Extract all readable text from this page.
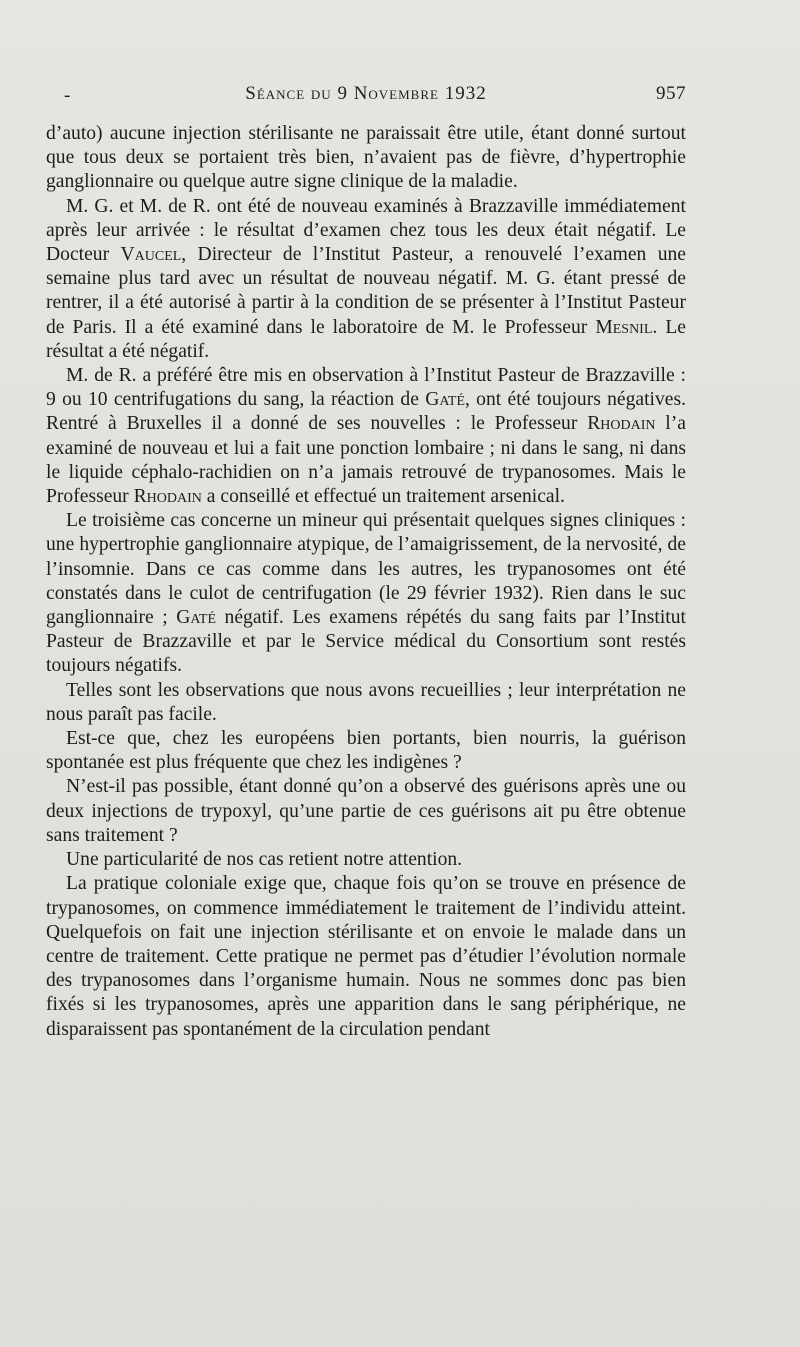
-	Séance du 9 Novembre 1932	957

d’auto) aucune injection stérilisante ne paraissait être utile, étant donné surtout que tous deux se portaient très bien, n’avaient pas de fièvre, d’hypertrophie ganglionnaire ou quelque autre signe clinique de la maladie.

M. G. et M. de R. ont été de nouveau examinés à Brazzaville immédiatement après leur arrivée : le résultat d’examen chez tous les deux était négatif. Le Docteur Vaucel, Directeur de l’Institut Pasteur, a renouvelé l’examen une semaine plus tard avec un résultat de nouveau négatif. M. G. étant pressé de rentrer, il a été autorisé à partir à la condition de se présenter à l’Institut Pasteur de Paris. Il a été examiné dans le laboratoire de M. le Professeur Mesnil. Le résultat a été négatif.

M. de R. a préféré être mis en observation à l’Institut Pasteur de Brazzaville : 9 ou 10 centrifugations du sang, la réaction de Gaté, ont été toujours négatives. Rentré à Bruxelles il a donné de ses nouvelles : le Professeur Rhodain l’a examiné de nouveau et lui a fait une ponction lombaire ; ni dans le sang, ni dans le liquide céphalo-rachidien on n’a jamais retrouvé de trypanosomes. Mais le Professeur Rhodain a conseillé et effectué un traitement arsenical.

Le troisième cas concerne un mineur qui présentait quelques signes cliniques : une hypertrophie ganglionnaire atypique, de l’amaigrissement, de la nervosité, de l’insomnie. Dans ce cas comme dans les autres, les trypanosomes ont été constatés dans le culot de centrifugation (le 29 février 1932). Rien dans le suc ganglionnaire ; Gaté négatif. Les examens répétés du sang faits par l’Institut Pasteur de Brazzaville et par le Service médical du Consortium sont restés toujours négatifs.

Telles sont les observations que nous avons recueillies ; leur interprétation ne nous paraît pas facile.

Est-ce que, chez les européens bien portants, bien nourris, la guérison spontanée est plus fréquente que chez les indigènes ?

N’est-il pas possible, étant donné qu’on a observé des guérisons après une ou deux injections de trypoxyl, qu’une partie de ces guérisons ait pu être obtenue sans traitement ?

Une particularité de nos cas retient notre attention.

La pratique coloniale exige que, chaque fois qu’on se trouve en présence de trypanosomes, on commence immédiatement le traitement de l’individu atteint. Quelquefois on fait une injection stérilisante et on envoie le malade dans un centre de traitement. Cette pratique ne permet pas d’étudier l’évolution normale des trypanosomes dans l’organisme humain. Nous ne sommes donc pas bien fixés si les trypanosomes, après une apparition dans le sang périphérique, ne disparaissent pas spontanément de la circulation pendant
